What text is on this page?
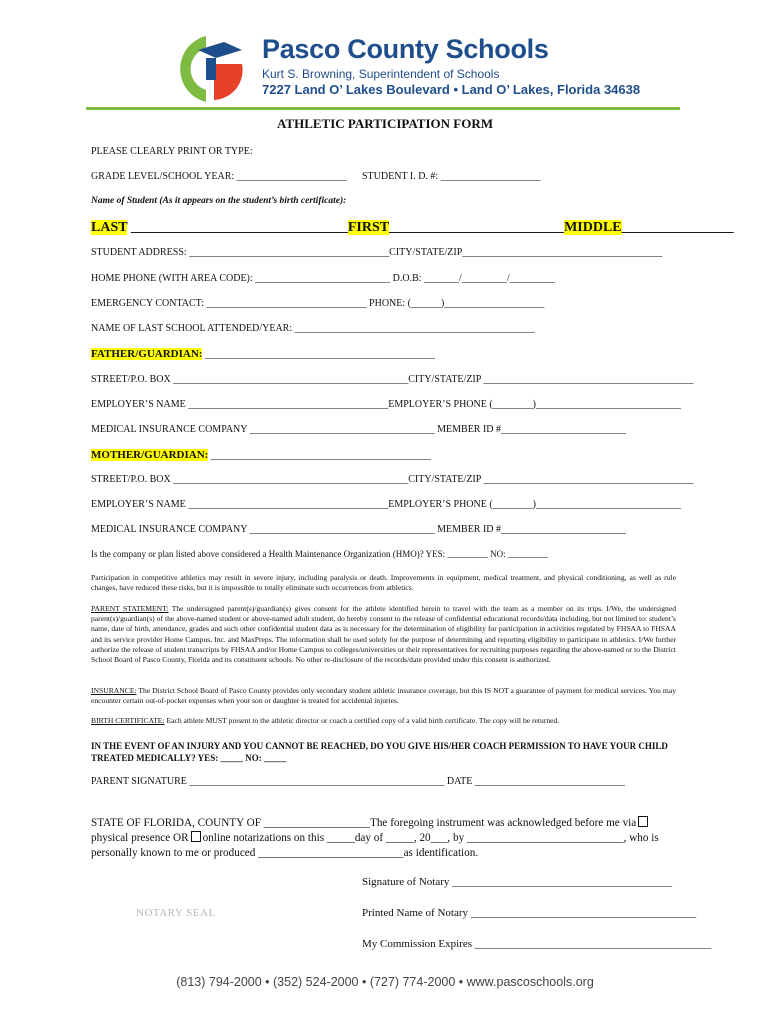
Pasco County Schools
Kurt S. Browning, Superintendent of Schools
7227 Land O’ Lakes Boulevard • Land O’ Lakes, Florida 34638
ATHLETIC PARTICIPATION FORM
PLEASE CLEARLY PRINT OR TYPE:
GRADE LEVEL/SCHOOL YEAR: ______________________ STUDENT I. D. #: ____________________
Name of Student (As it appears on the student’s birth certificate):
LAST _______________________________FIRST_________________________MIDDLE________________
STUDENT ADDRESS: ________________________________________CITY/STATE/ZIP________________________________________
HOME PHONE (WITH AREA CODE): ___________________________ D.O.B: _______/_________/_________
EMERGENCY CONTACT: ________________________________ PHONE: (______)____________________
NAME OF LAST SCHOOL ATTENDED/YEAR: ________________________________________________
FATHER/GUARDIAN: ______________________________________________
STREET/P.O. BOX _______________________________________________CITY/STATE/ZIP __________________________________________
EMPLOYER’S NAME ________________________________________EMPLOYER’S PHONE (________)_____________________________
MEDICAL INSURANCE COMPANY _____________________________________ MEMBER ID #_________________________
MOTHER/GUARDIAN: ____________________________________________
STREET/P.O. BOX _______________________________________________CITY/STATE/ZIP __________________________________________
EMPLOYER’S NAME ________________________________________EMPLOYER’S PHONE (________)_____________________________
MEDICAL INSURANCE COMPANY _____________________________________ MEMBER ID #_________________________
Is the company or plan listed above considered a Health Maintenance Organization (HMO)? YES: _________ NO: _________
Participation in competitive athletics may result in severe injury, including paralysis or death. Improvements in equipment, medical treatment, and physical conditioning, as well as rule changes, have reduced these risks, but it is impossible to totally eliminate such occurrences from athletics.
PARENT STATEMENT: The undersigned parent(s)/guardian(s) gives consent for the athlete identified herein to travel with the team as a member on its trips. I/We, the undersigned parent(s)/guardian(s) of the above-named student or above-named adult student, do hereby consent to the release of confidential educational records/data including, but not limited to: student’s name, date of birth, attendance, grades and such other confidential student data as is necessary for the determination of eligibility for participation in activities regulated by FHSAA to FHSAA and its service provider Home Campus, Inc. and MaxPreps. The information shall be used solely for the purpose of determining and reporting eligibility to participate in athletics. I/We further authorize the release of student transcripts by FHSAA and/or Home Campus to colleges/universities or their representatives for recruiting purposes regarding the above-named or to the District School Board of Pasco County, Florida and its constituent schools. No other re-disclosure of the records/date provided under this consent is authorized.
INSURANCE: The District School Board of Pasco County provides only secondary student athletic insurance coverage, but this IS NOT a guarantee of payment for medical services. You may encounter certain out-of-pocket expenses when your son or daughter is treated for accidental injuries.
BIRTH CERTIFICATE: Each athlete MUST present to the athletic director or coach a certified copy of a valid birth certificate. The copy will be returned.
IN THE EVENT OF AN INJURY AND YOU CANNOT BE REACHED, DO YOU GIVE HIS/HER COACH PERMISSION TO HAVE YOUR CHILD TREATED MEDICALLY? YES: _____ NO: _____
PARENT SIGNATURE ___________________________________________________ DATE ______________________________
STATE OF FLORIDA, COUNTY OF ___________________The foregoing instrument was acknowledged before me viaphysical presence OR online notarizations on this _____day of _____, 20___, by ____________________________, who is personally known to me or produced __________________________as identification.
Signature of Notary ________________________________________
NOTARY SEAL	Printed Name of Notary _________________________________________
My Commission Expires ___________________________________________
(813) 794-2000 • (352) 524-2000 • (727) 774-2000 • www.pascoschools.org
